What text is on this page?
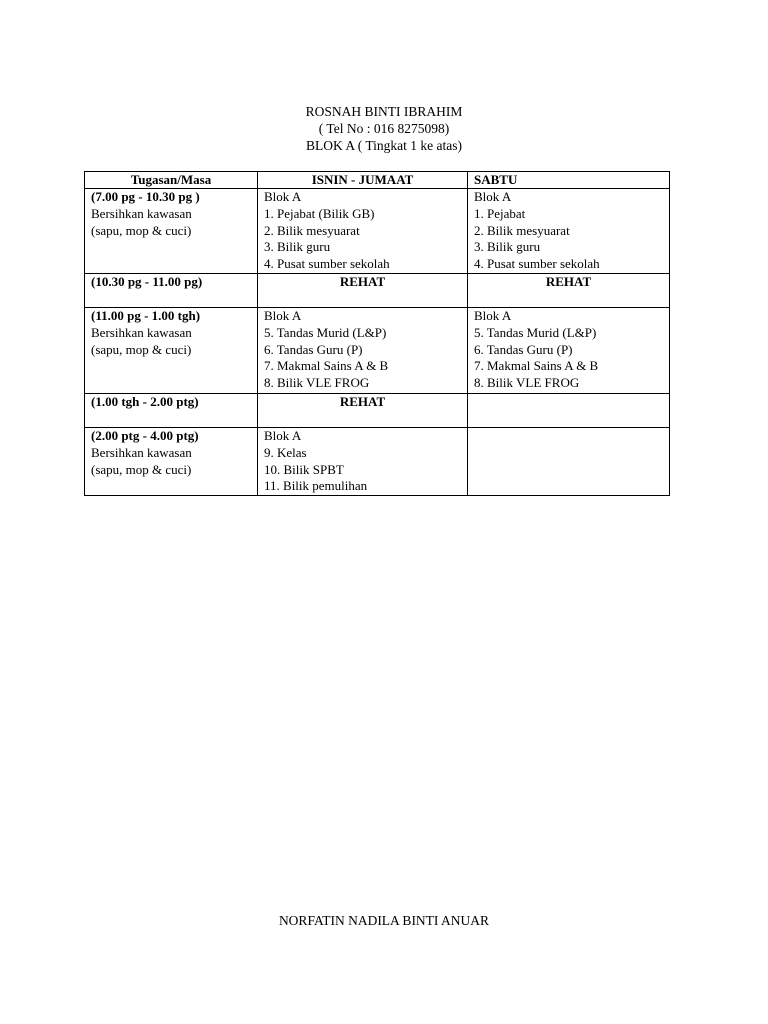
ROSNAH BINTI IBRAHIM
( Tel No : 016 8275098)
BLOK A ( Tingkat 1 ke atas)
Tugasan/Masa	ISNIN - JUMAAT	SABTU

(7.00 pg - 10.30 pg )
Bersihkan kawasan
(sapu, mop & cuci)	Blok A
1. Pejabat (Bilik GB)
2. Bilik mesyuarat
3. Bilik guru
4. Pusat sumber sekolah	Blok A
1. Pejabat
2. Bilik mesyuarat
3. Bilik guru
4. Pusat sumber sekolah

(10.30 pg - 11.00 pg)	REHAT	REHAT

(11.00 pg - 1.00 tgh)
Bersihkan kawasan
(sapu, mop & cuci)	Blok A
5. Tandas Murid (L&P)
6. Tandas Guru (P)
7. Makmal Sains A & B
8. Bilik VLE FROG	Blok A
5. Tandas Murid (L&P)
6. Tandas Guru (P)
7. Makmal Sains A & B
8. Bilik VLE FROG

(1.00 tgh - 2.00 ptg)	REHAT	

(2.00 ptg - 4.00 ptg)
Bersihkan kawasan
(sapu, mop & cuci)	Blok A
9. Kelas
10. Bilik SPBT
11. Bilik pemulihan	

NORFATIN NADILA BINTI ANUAR
